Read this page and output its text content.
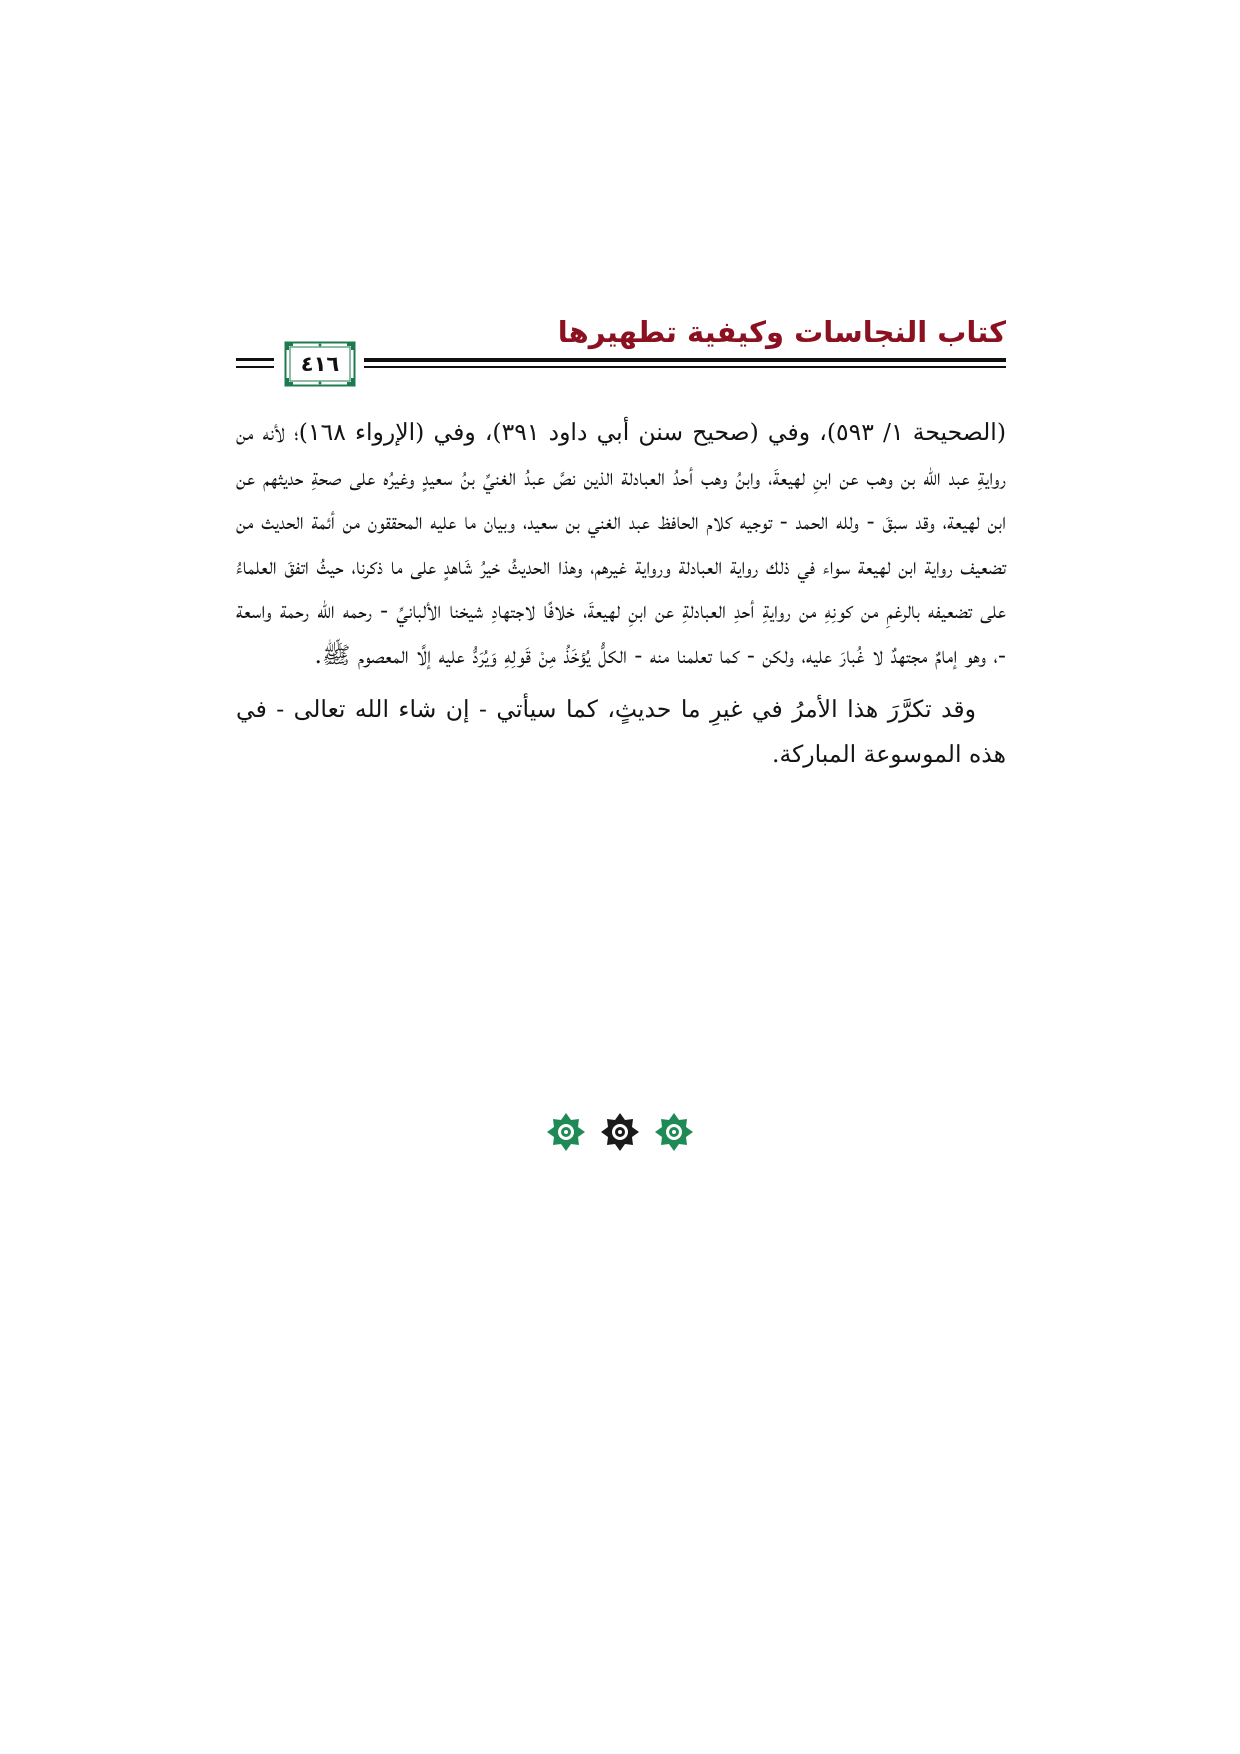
كتاب النجاسات وكيفية تطهيرها
٤١٦

(الصحيحة ١/ ٥٩٣)، وفي (صحيح سنن أبي داود ٣٩١)، وفي (الإرواء ١٦٨)؛ لأنه من روايةِ عبد الله بن وهب عن ابنِ لهيعةَ، وابنُ وهب أحدُ العبادلة الذين نصَّ عبدُ الغنيِّ بنُ سعيدٍ وغيرُه على صحةِ حديثهم عن ابن لهيعة، وقد سبقَ - ولله الحمد - توجيه كلام الحافظ عبد الغني بن سعيد، وبيان ما عليه المحققون من أئمة الحديث من تضعيف رواية ابن لهيعة سواء في ذلك رواية العبادلة ورواية غيرهم، وهذا الحديثُ خيرُ شَاهدٍ على ما ذكرنا، حيثُ اتفقَ العلماءُ على تضعيفه بالرغمِ من كونِهِ من روايةِ أحدِ العبادلةِ عن ابنِ لهيعةَ، خلافًا لاجتهادِ شيخنا الألبانيِّ - رحمه الله رحمة واسعة -، وهو إمامٌ مجتهدٌ لا غُبارَ عليه، ولكن - كما تعلمنا منه - الكلُّ يُؤخَذُ مِنْ قَولِهِ وَيُرَدُّ عليه إلَّا المعصوم ﷺ.

وقد تكرَّرَ هذا الأمرُ في غيرِ ما حديثٍ، كما سيأتي - إن شاء الله تعالى - في هذه الموسوعة المباركة.
